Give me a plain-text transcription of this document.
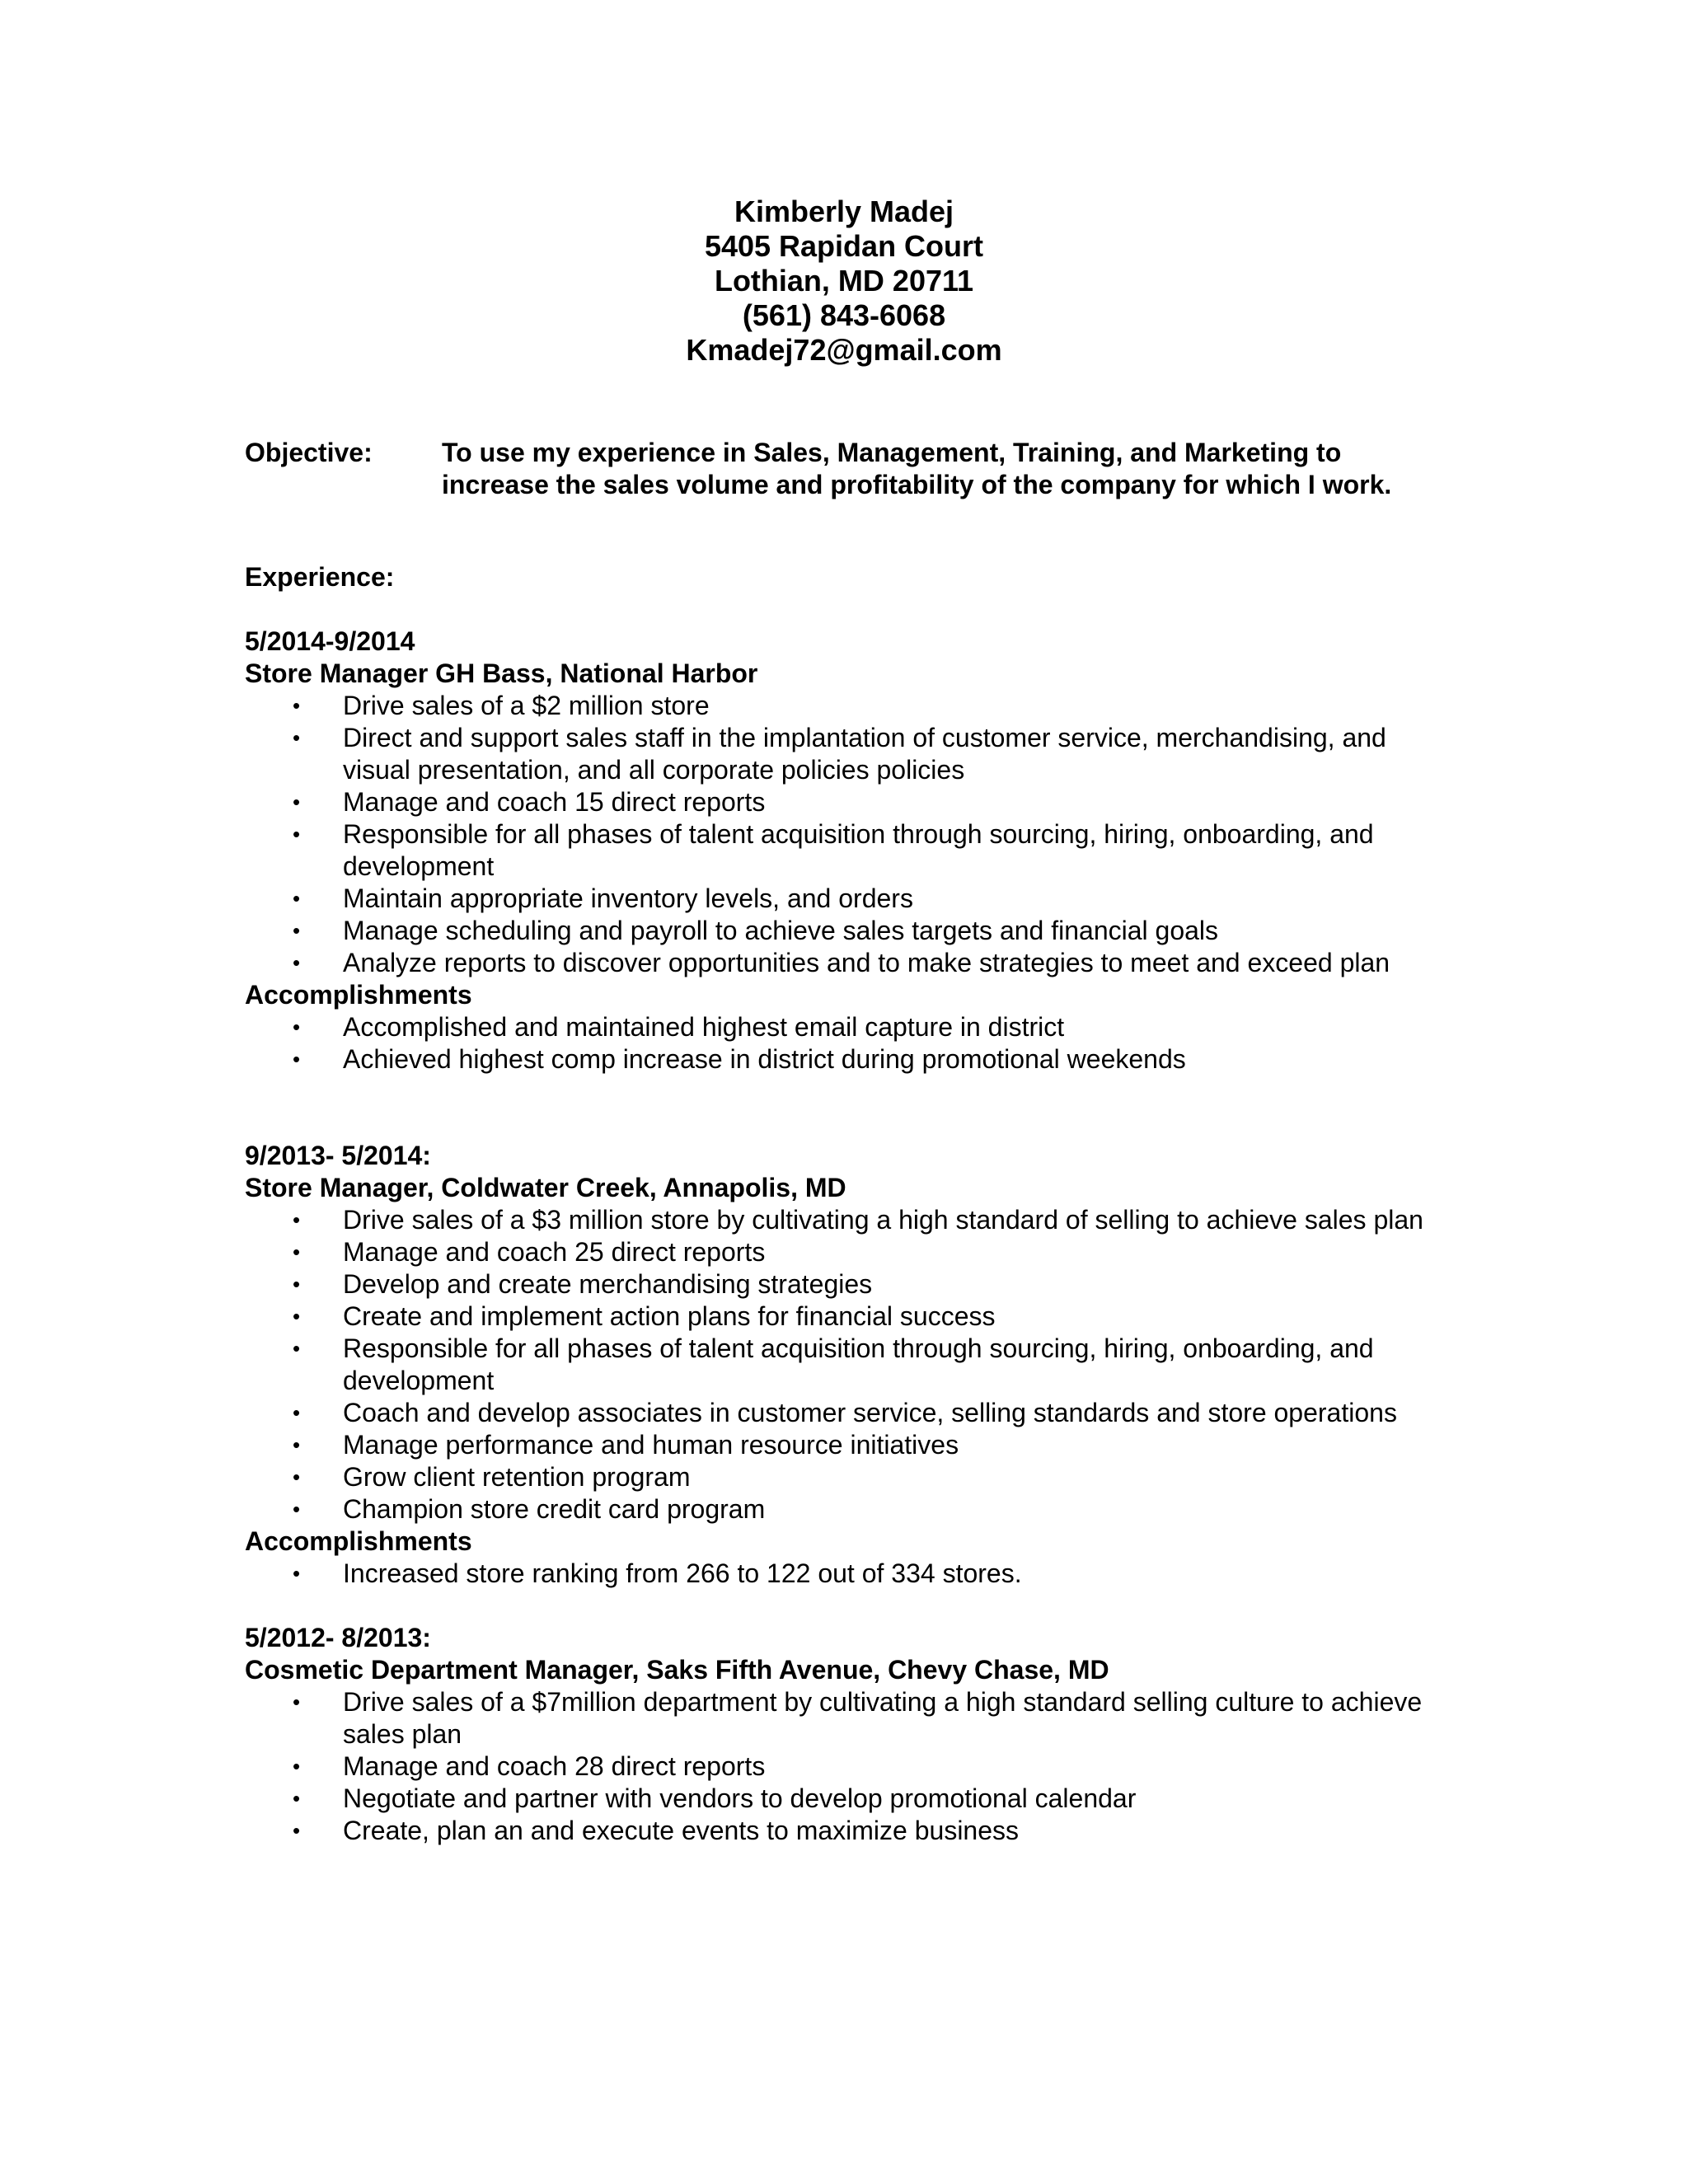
Kimberly Madej
5405 Rapidan Court
Lothian, MD 20711
(561) 843-6068
Kmadej72@gmail.com
Objective:	To use my experience in Sales, Management, Training, and Marketing to increase the sales volume and profitability of the company for which I work.
Experience:
5/2014-9/2014
Store Manager GH Bass, National Harbor
• Drive sales of a $2 million store
• Direct and support sales staff in the implantation of customer service, merchandising, and visual presentation, and all corporate policies policies
• Manage and coach 15 direct reports
• Responsible for all phases of talent acquisition through sourcing, hiring, onboarding, and development
• Maintain appropriate inventory levels, and orders
• Manage scheduling and payroll to achieve sales targets and financial goals
• Analyze reports to discover opportunities and to make strategies to meet and exceed plan
Accomplishments
• Accomplished and maintained highest email capture in district
• Achieved highest comp increase in district during promotional weekends
9/2013- 5/2014:
Store Manager, Coldwater Creek, Annapolis, MD
• Drive sales of a $3 million store by cultivating a high standard of selling to achieve sales plan
• Manage and coach 25 direct reports
• Develop and create merchandising strategies
• Create and implement action plans for financial success
• Responsible for all phases of talent acquisition through sourcing, hiring, onboarding, and development
• Coach and develop associates in customer service, selling standards and store operations
• Manage performance and human resource initiatives
• Grow client retention program
• Champion store credit card program
Accomplishments
• Increased store ranking from 266 to 122 out of 334 stores.
5/2012- 8/2013:
Cosmetic Department Manager, Saks Fifth Avenue, Chevy Chase, MD
• Drive sales of a $7million department by cultivating a high standard selling culture to achieve sales plan
• Manage and coach 28 direct reports
• Negotiate and partner with vendors to develop promotional calendar
• Create, plan an and execute events to maximize business
